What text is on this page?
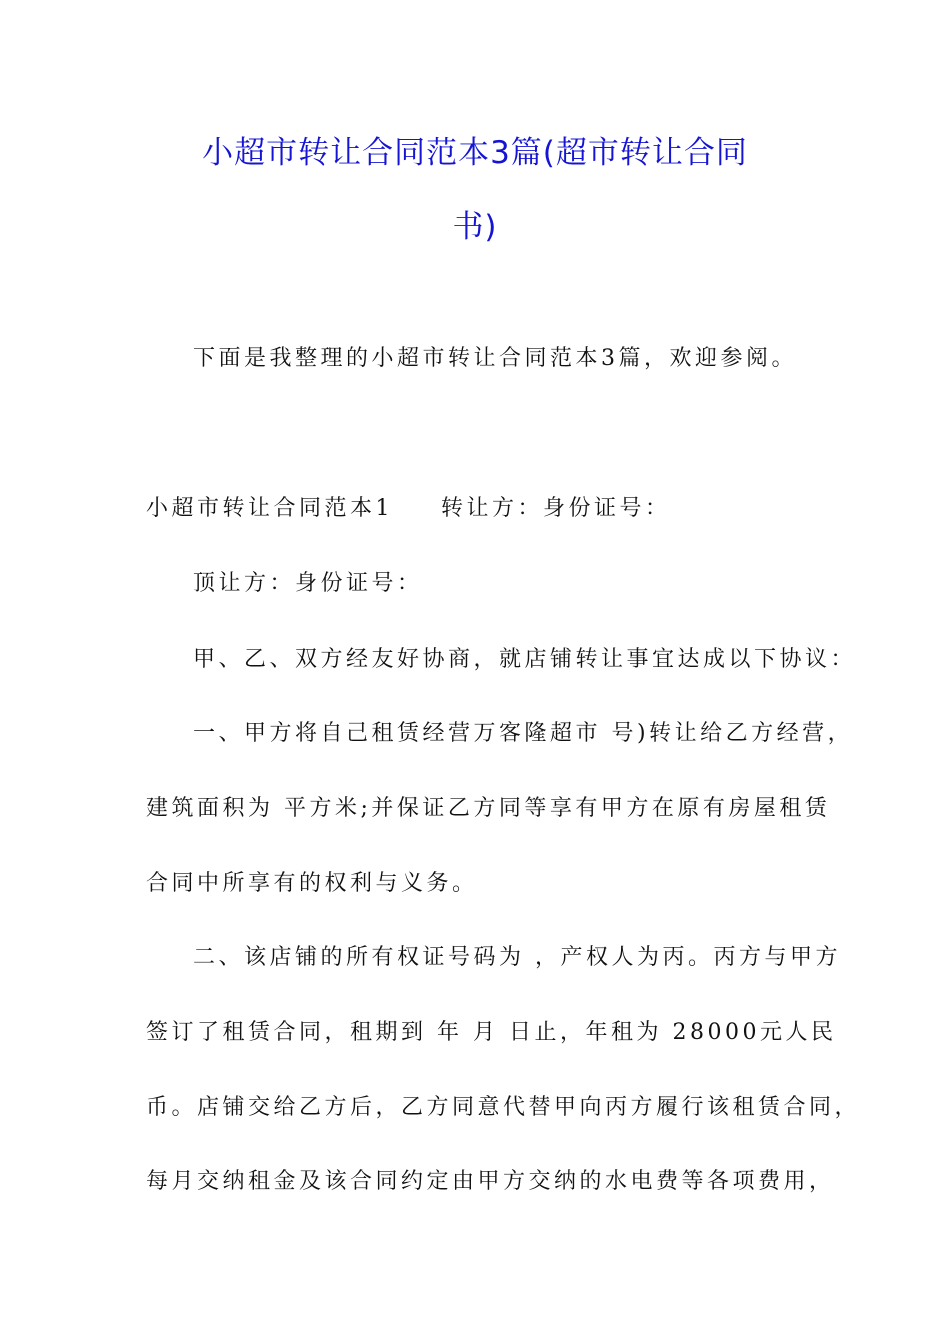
小超市转让合同范本3篇(超市转让合同
书)
下面是我整理的小超市转让合同范本3篇，欢迎参阅。
小超市转让合同范本1 转让方：身份证号：
顶让方：身份证号：
甲、乙、双方经友好协商，就店铺转让事宜达成以下协议：
一、甲方将自己租赁经营万客隆超市 号)转让给乙方经营，
建筑面积为 平方米;并保证乙方同等享有甲方在原有房屋租赁
合同中所享有的权利与义务。
二、该店铺的所有权证号码为 ，产权人为丙。丙方与甲方
签订了租赁合同，租期到 年 月 日止，年租为 28000元人民
币。店铺交给乙方后，乙方同意代替甲向丙方履行该租赁合同，
每月交纳租金及该合同约定由甲方交纳的水电费等各项费用，
